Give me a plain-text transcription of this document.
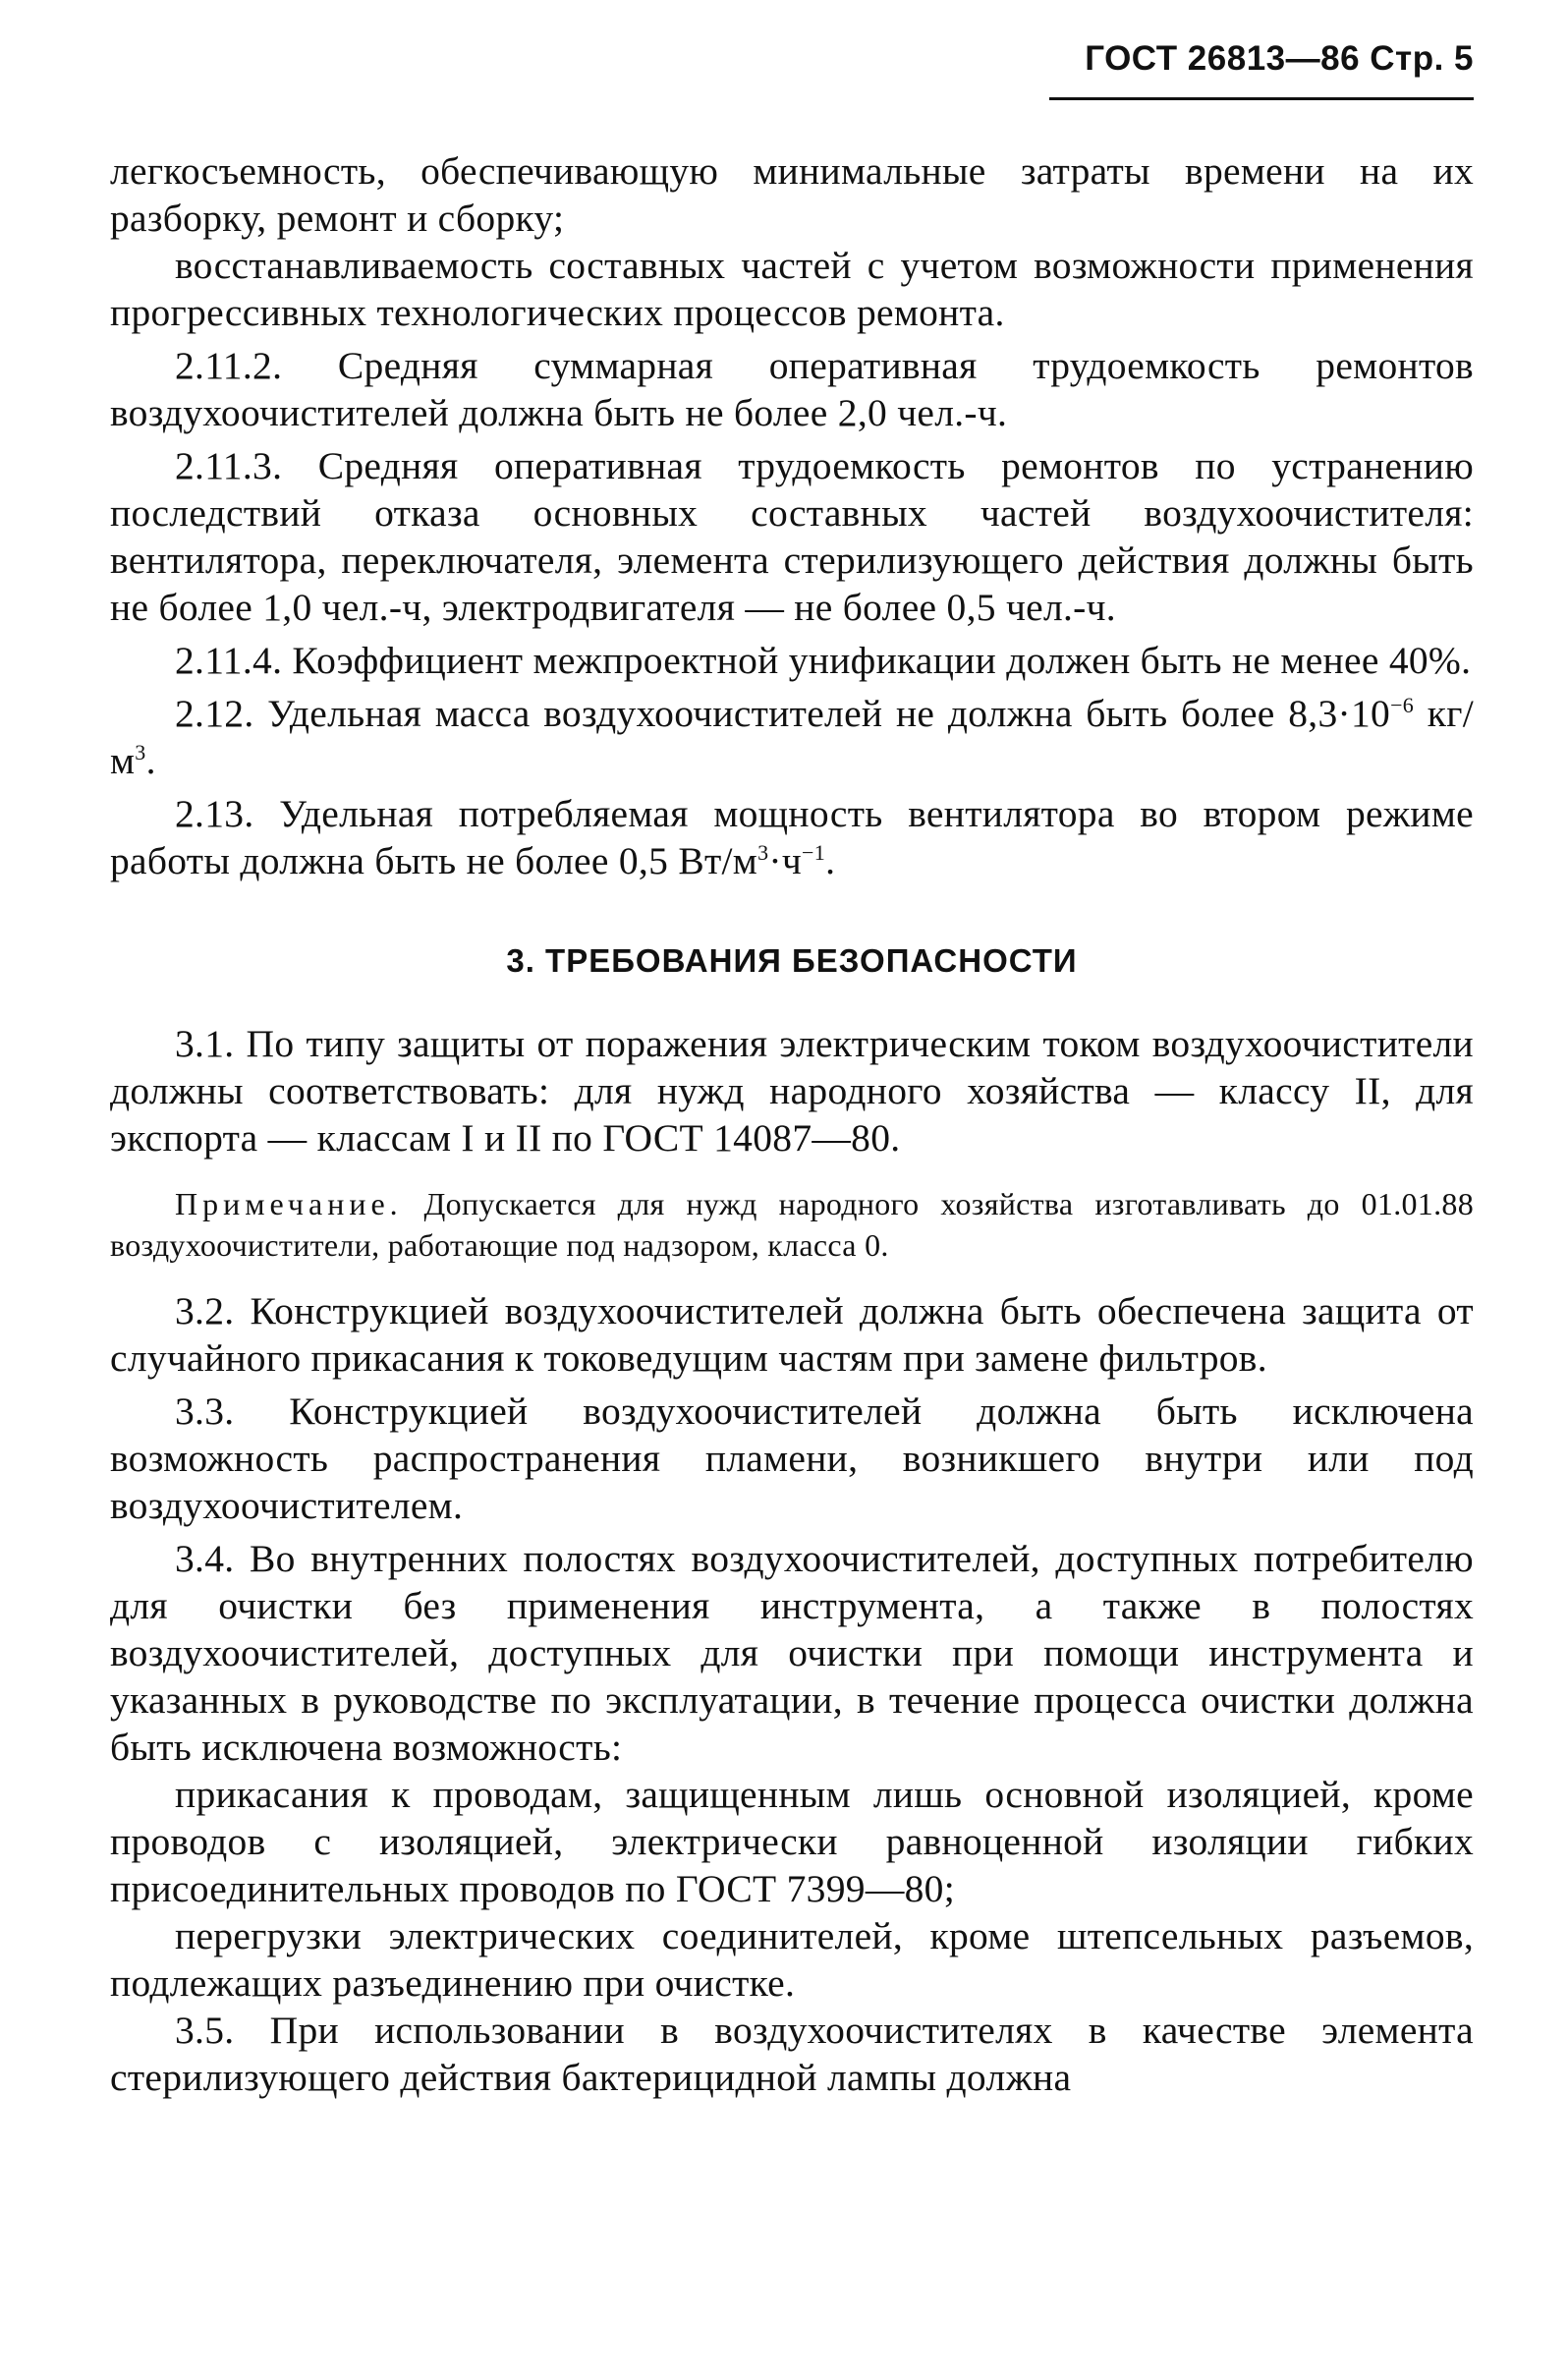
ГОСТ 26813—86 Стр. 5

легкосъемность, обеспечивающую минимальные затраты времени на их разборку, ремонт и сборку;

восстанавливаемость составных частей с учетом возможности применения прогрессивных технологических процессов ремонта.

2.11.2. Средняя суммарная оперативная трудоемкость ремонтов воздухоочистителей должна быть не более 2,0 чел.-ч.

2.11.3. Средняя оперативная трудоемкость ремонтов по устранению последствий отказа основных составных частей воздухоочистителя: вентилятора, переключателя, элемента стерилизующего действия должны быть не более 1,0 чел.-ч, электродвигателя — не более 0,5 чел.-ч.

2.11.4. Коэффициент межпроектной унификации должен быть не менее 40%.

2.12. Удельная масса воздухоочистителей не должна быть более $8,3\cdot 10^{-6}$ $кг/м^3$.

2.13. Удельная потребляемая мощность вентилятора во втором режиме работы должна быть не более 0,5 $Вт/м^3\cdot ч^{-1}$.

3. ТРЕБОВАНИЯ БЕЗОПАСНОСТИ

3.1. По типу защиты от поражения электрическим током воздухоочистители должны соответствовать: для нужд народного хозяйства — классу II, для экспорта — классам I и II по ГОСТ 14087—80.

Примечание. Допускается для нужд народного хозяйства изготавливать до 01.01.88 воздухоочистители, работающие под надзором, класса 0.

3.2. Конструкцией воздухоочистителей должна быть обеспечена защита от случайного прикасания к токоведущим частям при замене фильтров.

3.3. Конструкцией воздухоочистителей должна быть исключена возможность распространения пламени, возникшего внутри или под воздухоочистителем.

3.4. Во внутренних полостях воздухоочистителей, доступных потребителю для очистки без применения инструмента, а также в полостях воздухоочистителей, доступных для очистки при помощи инструмента и указанных в руководстве по эксплуатации, в течение процесса очистки должна быть исключена возможность:

прикасания к проводам, защищенным лишь основной изоляцией, кроме проводов с изоляцией, электрически равноценной изоляции гибких присоединительных проводов по ГОСТ 7399—80;

перегрузки электрических соединителей, кроме штепсельных разъемов, подлежащих разъединению при очистке.

3.5. При использовании в воздухоочистителях в качестве элемента стерилизующего действия бактерицидной лампы должна
